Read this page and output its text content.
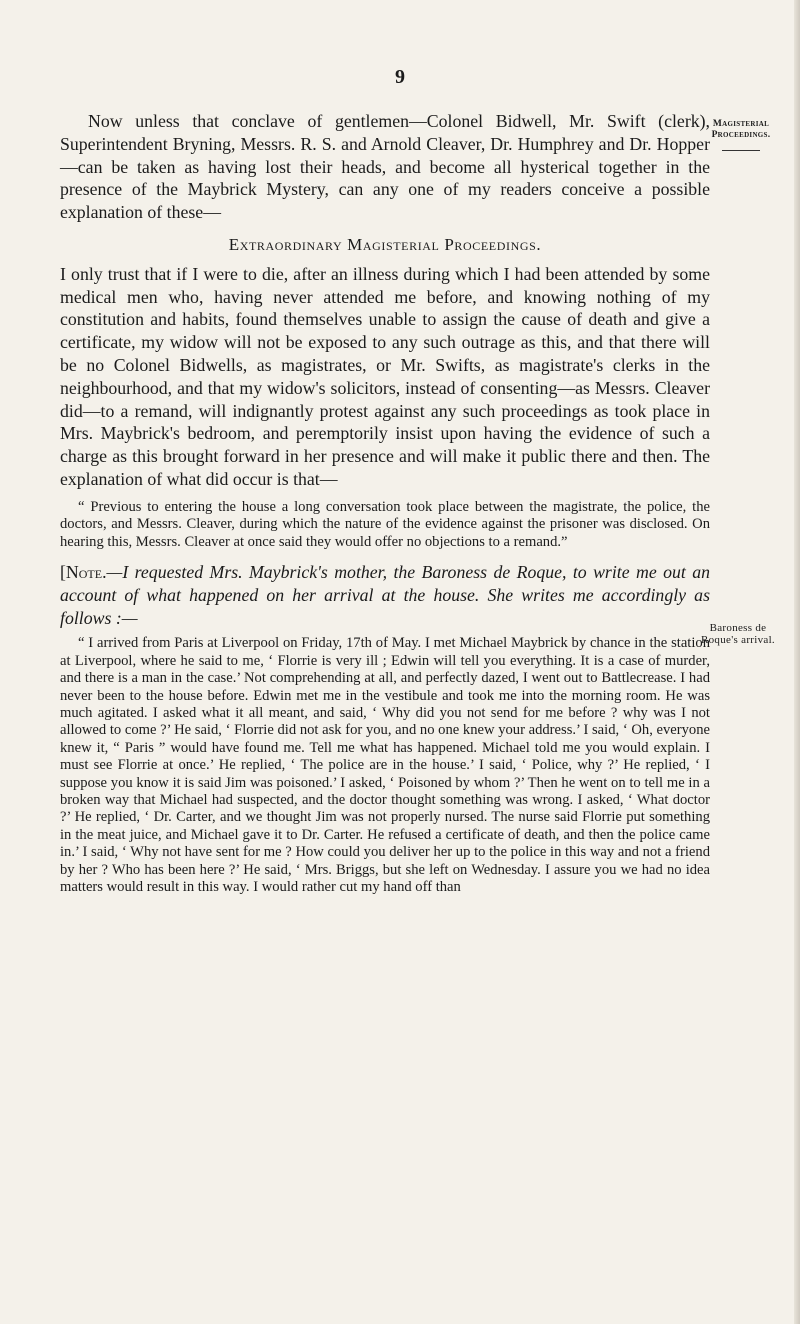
9
Magisterial Proceedings.
Baroness de Roque's arrival.

Now unless that conclave of gentlemen—Colonel Bidwell, Mr. Swift (clerk), Superintendent Bryning, Messrs. R. S. and Arnold Cleaver, Dr. Humphrey and Dr. Hopper—can be taken as having lost their heads, and become all hysterical together in the presence of the Maybrick Mystery, can any one of my readers conceive a possible explanation of these—

Extraordinary Magisterial Proceedings.

I only trust that if I were to die, after an illness during which I had been attended by some medical men who, having never attended me before, and knowing nothing of my constitution and habits, found themselves unable to assign the cause of death and give a certificate, my widow will not be exposed to any such outrage as this, and that there will be no Colonel Bidwells, as magistrates, or Mr. Swifts, as magistrate's clerks in the neighbourhood, and that my widow's solicitors, instead of consenting—as Messrs. Cleaver did—to a remand, will indignantly protest against any such proceedings as took place in Mrs. Maybrick's bedroom, and peremptorily insist upon having the evidence of such a charge as this brought forward in her presence and will make it public there and then. The explanation of what did occur is that—

“ Previous to entering the house a long conversation took place between the magistrate, the police, the doctors, and Messrs. Cleaver, during which the nature of the evidence against the prisoner was disclosed. On hearing this, Messrs. Cleaver at once said they would offer no objections to a remand.”

[Note.—I requested Mrs. Maybrick's mother, the Baroness de Roque, to write me out an account of what happened on her arrival at the house. She writes me accordingly as follows :—

“ I arrived from Paris at Liverpool on Friday, 17th of May. I met Michael Maybrick by chance in the station at Liverpool, where he said to me, ‘ Florrie is very ill ; Edwin will tell you everything. It is a case of murder, and there is a man in the case.’ Not comprehending at all, and perfectly dazed, I went out to Battlecrease. I had never been to the house before. Edwin met me in the vestibule and took me into the morning room. He was much agitated. I asked what it all meant, and said, ‘ Why did you not send for me before ? why was I not allowed to come ?’ He said, ‘ Florrie did not ask for you, and no one knew your address.’ I said, ‘ Oh, everyone knew it, “ Paris ” would have found me. Tell me what has happened. Michael told me you would explain. I must see Florrie at once.’ He replied, ‘ The police are in the house.’ I said, ‘ Police, why ?’ He replied, ‘ I suppose you know it is said Jim was poisoned.’ I asked, ‘ Poisoned by whom ?’ Then he went on to tell me in a broken way that Michael had suspected, and the doctor thought something was wrong. I asked, ‘ What doctor ?’ He replied, ‘ Dr. Carter, and we thought Jim was not properly nursed. The nurse said Florrie put something in the meat juice, and Michael gave it to Dr. Carter. He refused a certificate of death, and then the police came in.’ I said, ‘ Why not have sent for me ? How could you deliver her up to the police in this way and not a friend by her ? Who has been here ?’ He said, ‘ Mrs. Briggs, but she left on Wednesday. I assure you we had no idea matters would result in this way. I would rather cut my hand off than
